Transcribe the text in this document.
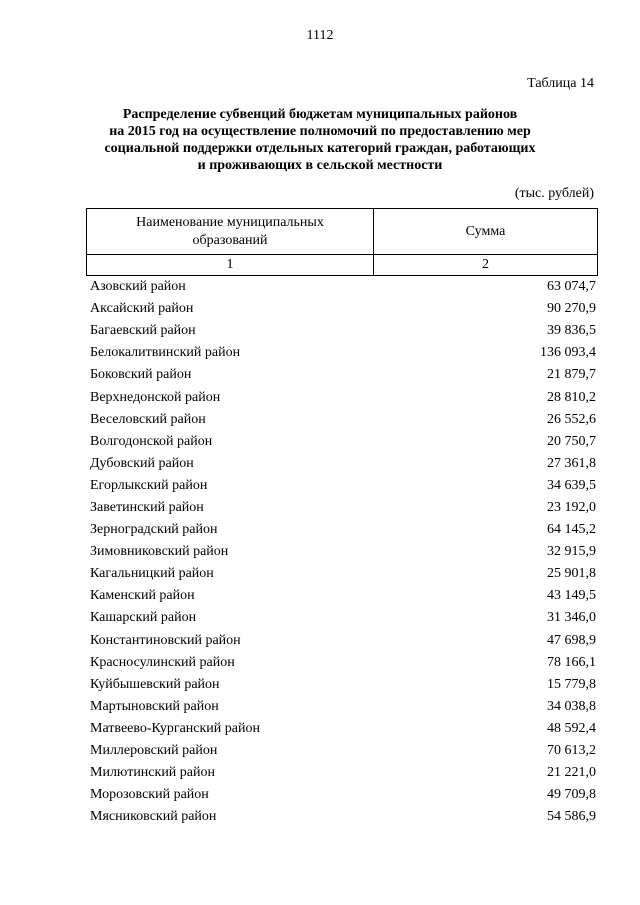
1112
Таблица 14
Распределение субвенций бюджетам муниципальных районов
на 2015 год на осуществление полномочий по предоставлению мер
социальной поддержки отдельных категорий граждан, работающих
и проживающих в сельской местности
(тыс. рублей)
Наименование муниципальных
образований	Сумма
1	2
Азовский район	63 074,7
Аксайский район	90 270,9
Багаевский район	39 836,5
Белокалитвинский район	136 093,4
Боковский район	21 879,7
Верхнедонской район	28 810,2
Веселовский район	26 552,6
Волгодонской район	20 750,7
Дубовский район	27 361,8
Егорлыкский район	34 639,5
Заветинский район	23 192,0
Зерноградский район	64 145,2
Зимовниковский район	32 915,9
Кагальницкий район	25 901,8
Каменский район	43 149,5
Кашарский район	31 346,0
Константиновский район	47 698,9
Красносулинский район	78 166,1
Куйбышевский район	15 779,8
Мартыновский район	34 038,8
Матвеево-Курганский район	48 592,4
Миллеровский район	70 613,2
Милютинский район	21 221,0
Морозовский район	49 709,8
Мясниковский район	54 586,9
